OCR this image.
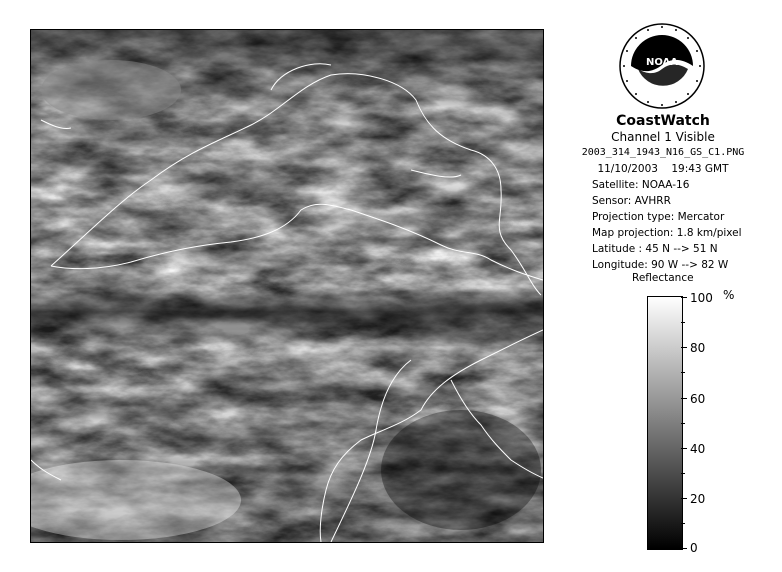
NOAA
CoastWatch
Channel 1 Visible
2003_314_1943_N16_GS_C1.PNG
11/10/2003 19:43 GMT
Satellite: NOAA-16
Sensor: AVHRR
Projection type: Mercator
Map projection: 1.8 km/pixel
Latitude : 45 N --> 51 N
Longitude: 90 W --> 82 W
Reflectance
%
100
80
60
40
20
0
